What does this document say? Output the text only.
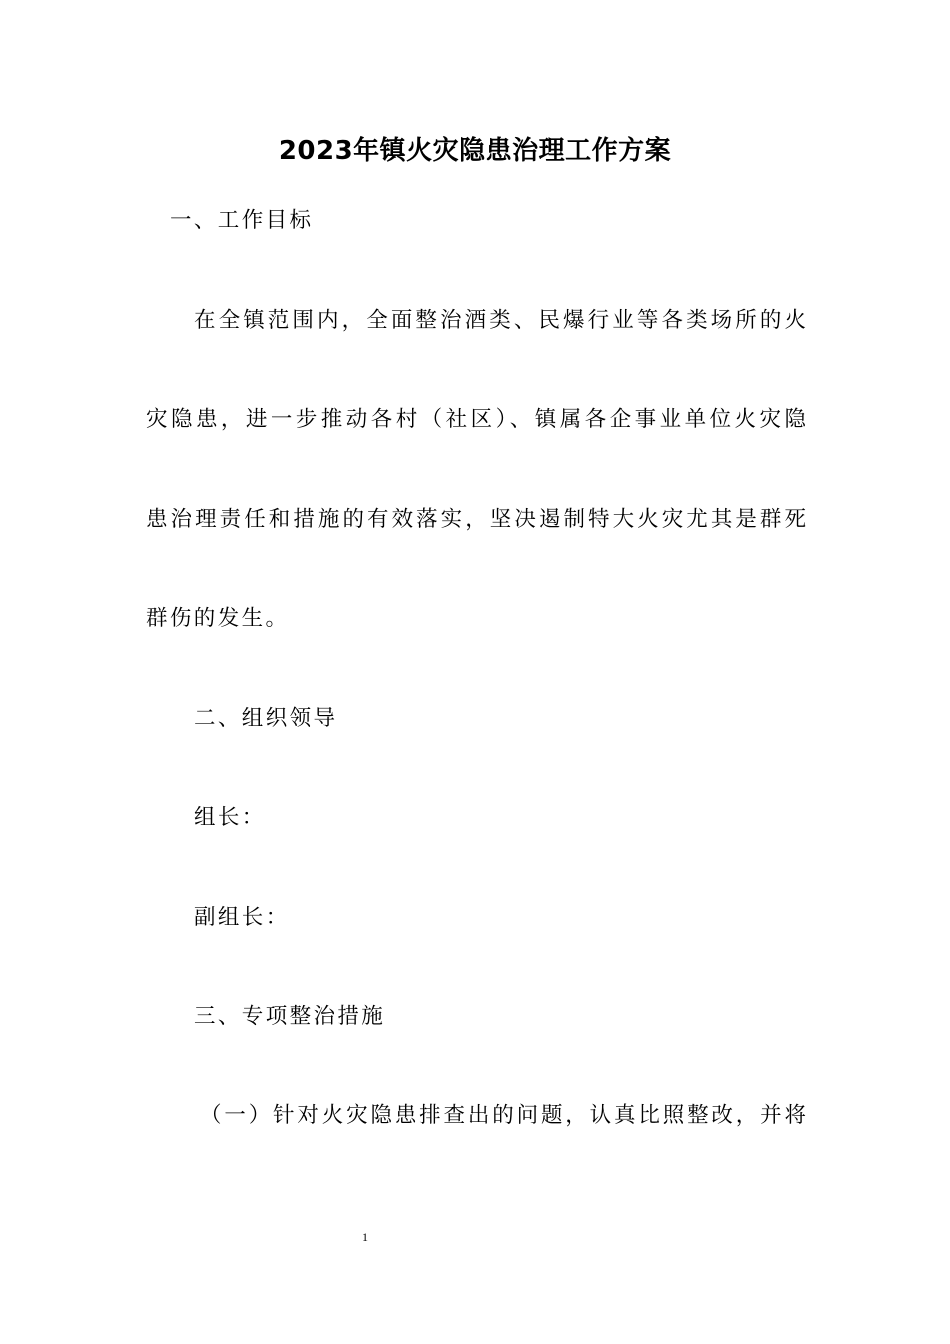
2023年镇火灾隐患治理工作方案
一、工作目标
在全镇范围内，全面整治酒类、民爆行业等各类场所的火
灾隐患，进一步推动各村（社区）、镇属各企事业单位火灾隐
患治理责任和措施的有效落实，坚决遏制特大火灾尤其是群死
群伤的发生。
二、组织领导
组长：
副组长：
三、专项整治措施
（一）针对火灾隐患排查出的问题，认真比照整改，并将
1
